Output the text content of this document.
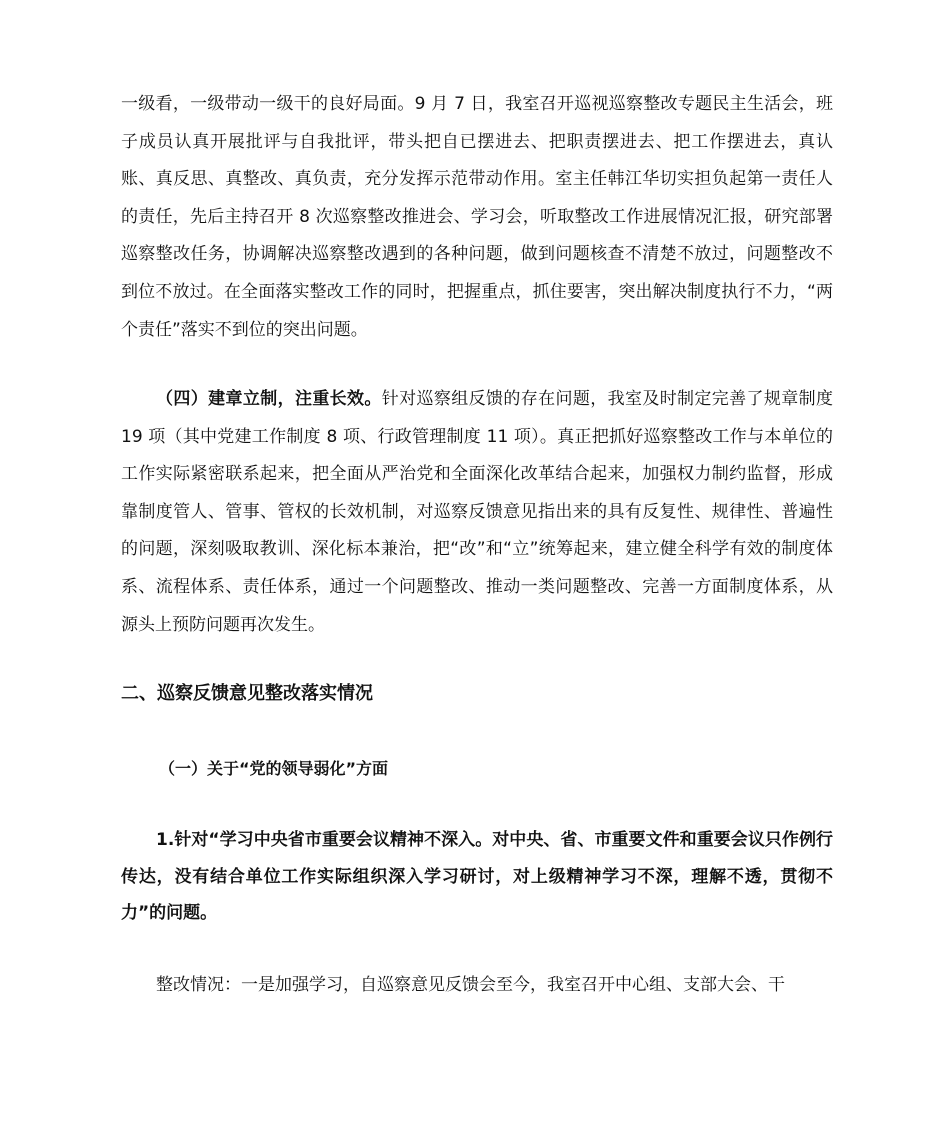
一级看，一级带动一级干的良好局面。9 月 7 日，我室召开巡视巡察整改专题民主生活会，班子成员认真开展批评与自我批评，带头把自已摆进去、把职责摆进去、把工作摆进去，真认账、真反思、真整改、真负责，充分发挥示范带动作用。室主任韩江华切实担负起第一责任人的责任，先后主持召开 8 次巡察整改推进会、学习会，听取整改工作进展情况汇报，研究部署巡察整改任务，协调解决巡察整改遇到的各种问题，做到问题核查不清楚不放过，问题整改不到位不放过。在全面落实整改工作的同时，把握重点，抓住要害，突出解决制度执行不力，“两个责任”落实不到位的突出问题。

（四）建章立制，注重长效。针对巡察组反馈的存在问题，我室及时制定完善了规章制度 19 项（其中党建工作制度 8 项、行政管理制度 11 项）。真正把抓好巡察整改工作与本单位的工作实际紧密联系起来，把全面从严治党和全面深化改革结合起来，加强权力制约监督，形成靠制度管人、管事、管权的长效机制，对巡察反馈意见指出来的具有反复性、规律性、普遍性的问题，深刻吸取教训、深化标本兼治，把“改”和“立”统筹起来，建立健全科学有效的制度体系、流程体系、责任体系，通过一个问题整改、推动一类问题整改、完善一方面制度体系，从源头上预防问题再次发生。

二、巡察反馈意见整改落实情况
（一）关于“党的领导弱化”方面

1.针对“学习中央省市重要会议精神不深入。对中央、省、市重要文件和重要会议只作例行传达，没有结合单位工作实际组织深入学习研讨，对上级精神学习不深，理解不透，贯彻不力”的问题。

整改情况：一是加强学习，自巡察意见反馈会至今，我室召开中心组、支部大会、干
